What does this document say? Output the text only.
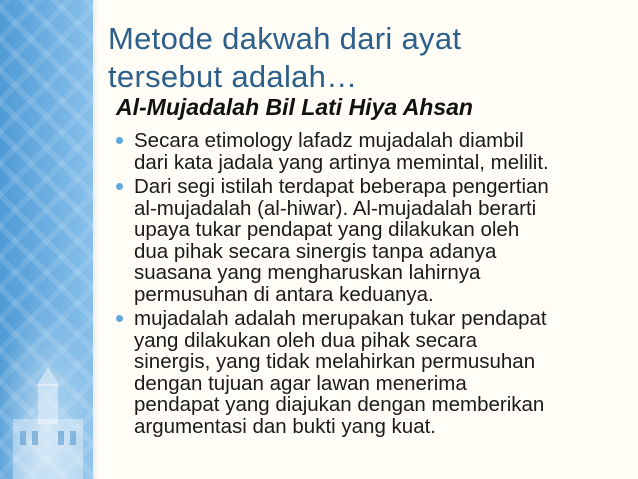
Metode dakwah dari ayat
tersebut adalah…
Al-Mujadalah Bil Lati Hiya Ahsan
Secara etimology lafadz mujadalah diambil
dari kata jadala yang artinya memintal, melilit.
Dari segi istilah terdapat beberapa pengertian
al-mujadalah (al-hiwar). Al-mujadalah berarti
upaya tukar pendapat yang dilakukan oleh
dua pihak secara sinergis tanpa adanya
suasana yang mengharuskan lahirnya
permusuhan di antara keduanya.
mujadalah adalah merupakan tukar pendapat
yang dilakukan oleh dua pihak secara
sinergis, yang tidak melahirkan permusuhan
dengan tujuan agar lawan menerima
pendapat yang diajukan dengan memberikan
argumentasi dan bukti yang kuat.
